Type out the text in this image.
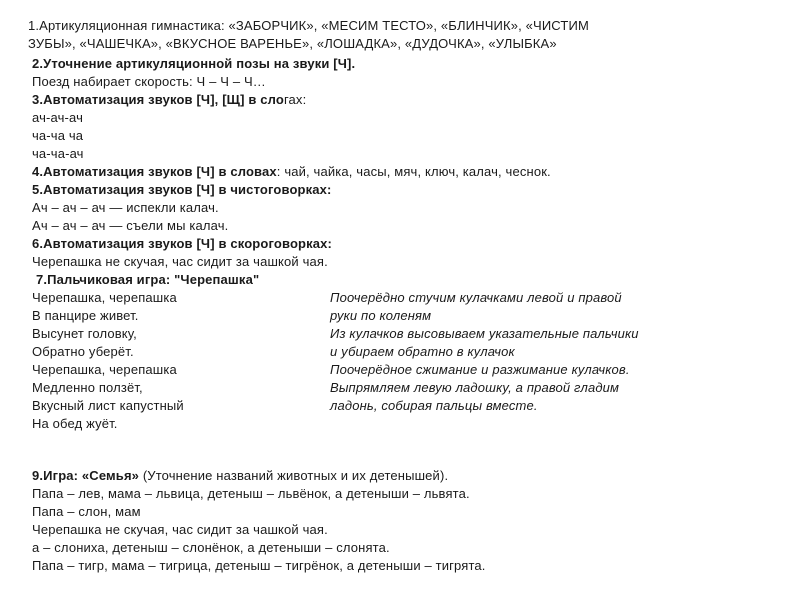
1.Артикуляционная гимнастика: «ЗАБОРЧИК», «МЕСИМ ТЕСТО», «БЛИНЧИК», «ЧИСТИМ
ЗУБЫ», «ЧАШЕЧКА», «ВКУСНОЕ ВАРЕНЬЕ», «ЛОШАДКА», «ДУДОЧКА», «УЛЫБКА»
2.Уточнение артикуляционной позы на звуки [Ч].
Поезд набирает скорость: Ч – Ч – Ч…
3.Автоматизация звуков [Ч], [Щ] в слогах:
ач-ач-ач
ча-ча ча
ча-ча-ач
4.Автоматизация звуков [Ч] в словах: чай, чайка, часы, мяч, ключ, калач, чеснок.
5.Автоматизация звуков [Ч] в чистоговорках:
Ач – ач – ач — испекли калач.
Ач – ач – ач — съели мы калач.
6.Автоматизация звуков [Ч] в скороговорках:
Черепашка не скучая, час сидит за чашкой чая.
7.Пальчиковая игра: "Черепашка"
Черепашка, черепашка
В панцире живет.
Высунет головку,
Обратно уберёт.
Черепашка, черепашка
Медленно ползёт,
Вкусный лист капустный
На обед жуёт.
Поочерёдно стучим кулачками левой и правой
руки по коленям
Из кулачков высовываем указательные пальчики
и убираем обратно в кулачок
Поочерёдное сжимание и разжимание кулачков.
Выпрямляем левую ладошку, а правой гладим
ладонь, собирая пальцы вместе.
9.Игра: «Семья» (Уточнение названий животных и их детенышей).
Папа – лев, мама – львица, детеныш – львёнок, а детеныши – львята.
Папа – слон, мам
Черепашка не скучая, час сидит за чашкой чая.
а – слониха, детеныш – слонёнок, а детеныши – слонята.
Папа – тигр, мама – тигрица, детеныш – тигрёнок, а детеныши – тигрята.
